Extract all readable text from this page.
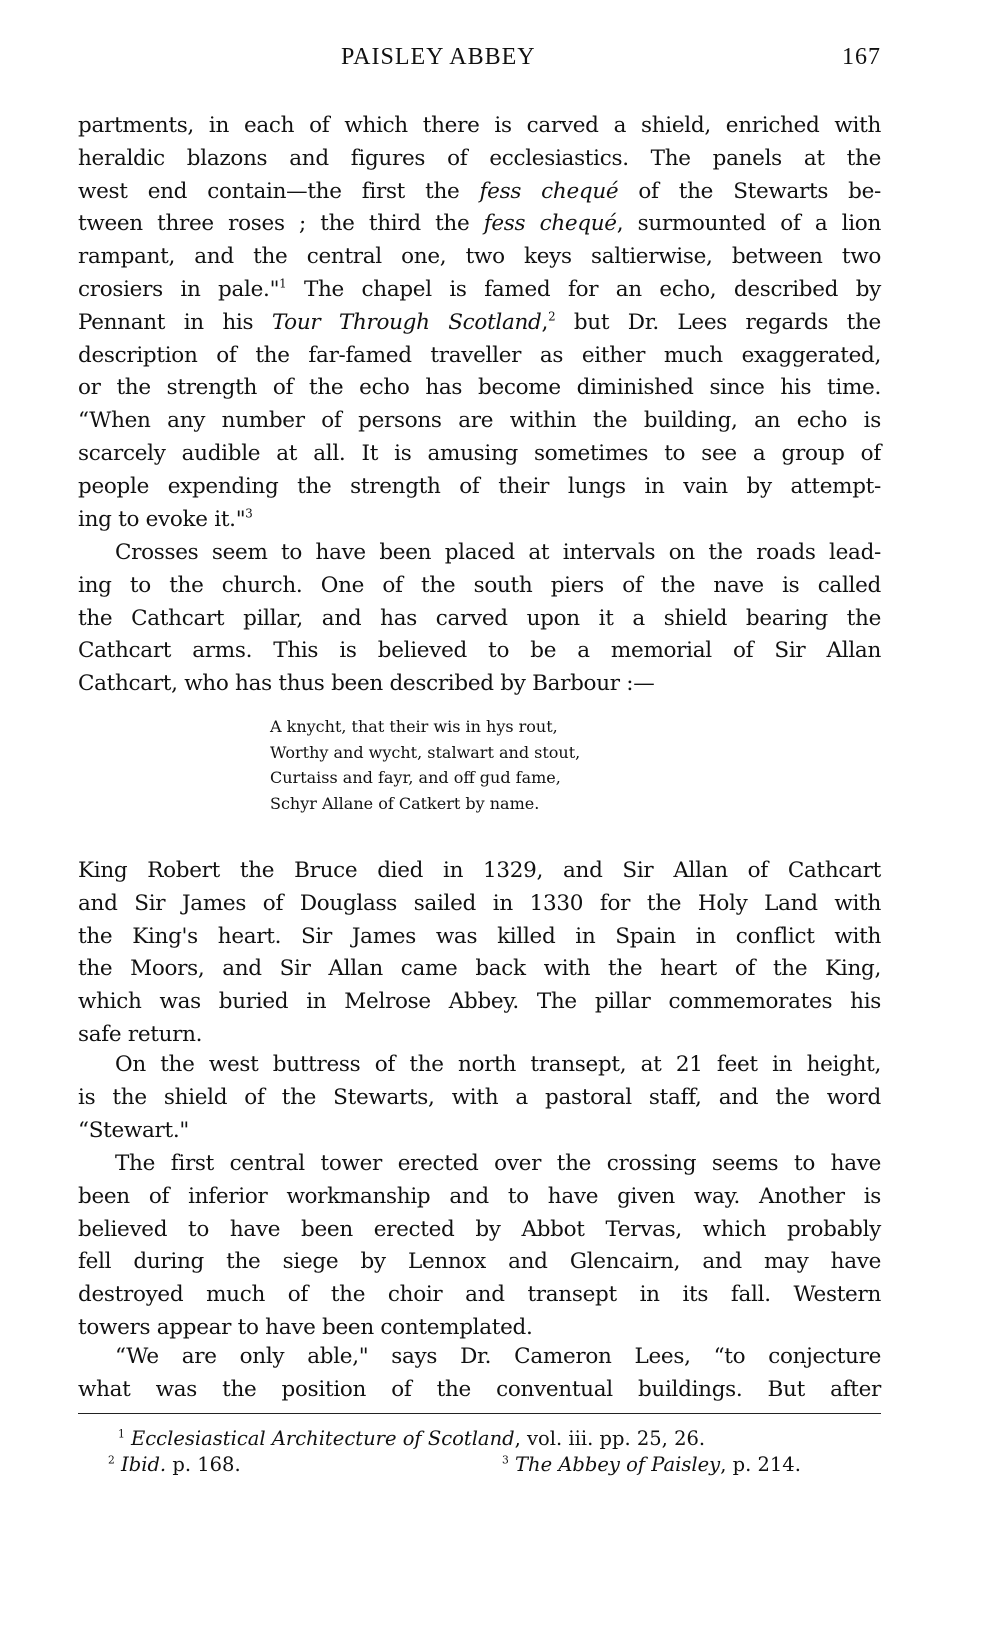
PAISLEY ABBEY	167
partments, in each of which there is carved a shield, enriched with
heraldic blazons and figures of ecclesiastics. The panels at the
west end contain—the first the fess chequé of the Stewarts be-
tween three roses ; the third the fess chequé, surmounted of a lion
rampant, and the central one, two keys saltierwise, between two
crosiers in pale."$^1$ The chapel is famed for an echo, described by
Pennant in his Tour Through Scotland,$^2$ but Dr. Lees regards the
description of the far-famed traveller as either much exaggerated,
or the strength of the echo has become diminished since his time.
“When any number of persons are within the building, an echo is
scarcely audible at all. It is amusing sometimes to see a group of
people expending the strength of their lungs in vain by attempt-
ing to evoke it."$^3$
Crosses seem to have been placed at intervals on the roads lead-
ing to the church. One of the south piers of the nave is called
the Cathcart pillar, and has carved upon it a shield bearing the
Cathcart arms. This is believed to be a memorial of Sir Allan
Cathcart, who has thus been described by Barbour :—
A knycht, that their wis in hys rout,
Worthy and wycht, stalwart and stout,
Curtaiss and fayr, and off gud fame,
Schyr Allane of Catkert by name.
King Robert the Bruce died in 1329, and Sir Allan of Cathcart
and Sir James of Douglass sailed in 1330 for the Holy Land with
the King's heart. Sir James was killed in Spain in conflict with
the Moors, and Sir Allan came back with the heart of the King,
which was buried in Melrose Abbey. The pillar commemorates his
safe return.
On the west buttress of the north transept, at 21 feet in height,
is the shield of the Stewarts, with a pastoral staff, and the word
“Stewart."
The first central tower erected over the crossing seems to have
been of inferior workmanship and to have given way. Another is
believed to have been erected by Abbot Tervas, which probably
fell during the siege by Lennox and Glencairn, and may have
destroyed much of the choir and transept in its fall. Western
towers appear to have been contemplated.
“We are only able," says Dr. Cameron Lees, “to conjecture
what was the position of the conventual buildings. But after
$^1$ Ecclesiastical Architecture of Scotland, vol. iii. pp. 25, 26.
$^2$ Ibid. p. 168.	$^3$ The Abbey of Paisley, p. 214.
